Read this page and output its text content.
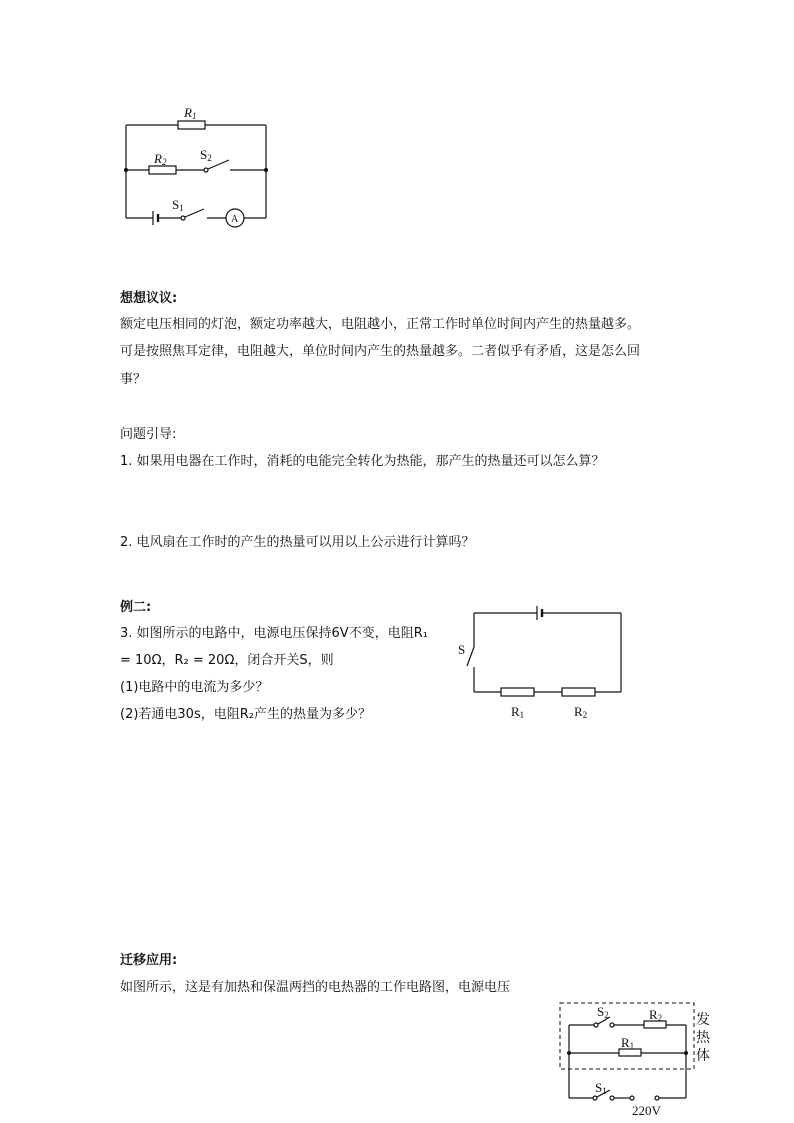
R1
R2	S2
S1
A
想想议议:
额定电压相同的灯泡，额定功率越大，电阻越小，正常工作时单位时间内产生的热量越多。
可是按照焦耳定律，电阻越大，单位时间内产生的热量越多。二者似乎有矛盾，这是怎么回
事？
问题引导:
1. 如果用电器在工作时，消耗的电能完全转化为热能，那产生的热量还可以怎么算？
2. 电风扇在工作时的产生的热量可以用以上公示进行计算吗？
例二:
3. 如图所示的电路中，电源电压保持6V不变，电阻R₁
= 10Ω，R₂ = 20Ω，闭合开关S，则
(1)电路中的电流为多少？
(2)若通电30s，电阻R₂产生的热量为多少？
S
R1	R2
迁移应用:
如图所示，这是有加热和保温两挡的电热器的工作电路图，电源电压
S2	R2
R1
S1
220V
发
热
体
